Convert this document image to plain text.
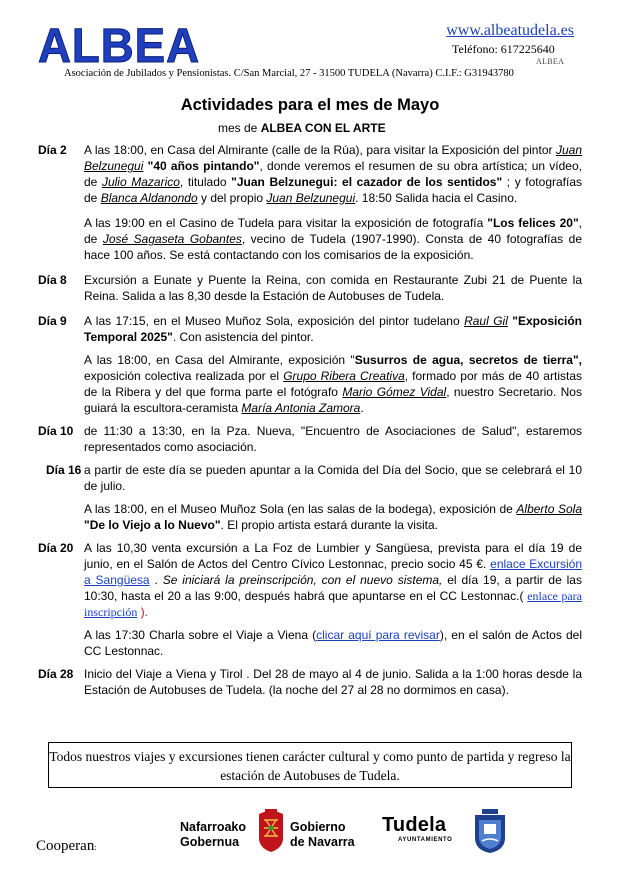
ALBEA	www.albeatudela.es
Teléfono: 617225640
ALBEA
Asociación de Jubilados y Pensionistas. C/San Marcial, 27 - 31500 TUDELA (Navarra) C.I.F.: G31943780
Actividades para el mes de Mayo
mes de ALBEA CON EL ARTE
Día 2	A las 18:00, en Casa del Almirante (calle de la Rúa), para visitar la Exposición del pintor Juan Belzunegui "40 años pintando", donde veremos el resumen de su obra artística; un vídeo, de Julio Mazarico, titulado "Juan Belzunegui: el cazador de los sentidos" ; y fotografías de Blanca Aldanondo y del propio Juan Belzunegui. 18:50 Salida hacia el Casino.

A las 19:00 en el Casino de Tudela para visitar la exposición de fotografía "Los felices 20", de José Sagaseta Gobantes, vecino de Tudela (1907-1990). Consta de 40 fotografías de hace 100 años. Se está contactando con los comisarios de la exposición.

Día 8	Excursión a Eunate y Puente la Reina, con comida en Restaurante Zubi 21 de Puente la Reina. Salida a las 8,30 desde la Estación de Autobuses de Tudela.

Día 9	A las 17:15, en el Museo Muñoz Sola, exposición del pintor tudelano Raul Gil "Exposición Temporal 2025". Con asistencia del pintor.

A las 18:00, en Casa del Almirante, exposición "Susurros de agua, secretos de tierra", exposición colectiva realizada por el Grupo Ribera Creativa, formado por más de 40 artistas de la Ribera y del que forma parte el fotógrafo Mario Gómez Vidal, nuestro Secretario. Nos guiará la escultora-ceramista María Antonia Zamora.

Día 10 de 11:30 a 13:30, en la Pza. Nueva, "Encuentro de Asociaciones de Salud", estaremos representados como asociación.

Día 16 a partir de este día se pueden apuntar a la Comida del Día del Socio, que se celebrará el 10 de julio.

A las 18:00, en el Museo Muñoz Sola (en las salas de la bodega), exposición de Alberto Sola "De lo Viejo a lo Nuevo". El propio artista estará durante la visita.

Día 20 A las 10,30 venta excursión a La Foz de Lumbier y Sangüesa, prevista para el día 19 de junio, en el Salón de Actos del Centro Cívico Lestonnac, precio socio 45 €. enlace Excursión a Sangüesa . Se iniciará la preinscripción, con el nuevo sistema, el día 19, a partir de las 10:30, hasta el 20 a las 9:00, después habrá que apuntarse en el CC Lestonnac.( enlace para inscripción ).

A las 17:30 Charla sobre el Viaje a Viena (clicar aquí para revisar), en el salón de Actos del CC Lestonnac.

Día 28 Inicio del Viaje a Viena y Tirol . Del 28 de mayo al 4 de junio. Salida a la 1:00 horas desde la Estación de Autobuses de Tudela. (la noche del 27 al 28 no dormimos en casa).

Todos nuestros viajes y excursiones tienen carácter cultural y como punto de partida y regreso la estación de Autobuses de Tudela.
Cooperan:
Nafarroako
Gobernua
Gobierno
de Navarra
Tudela
AYUNTAMIENTO
